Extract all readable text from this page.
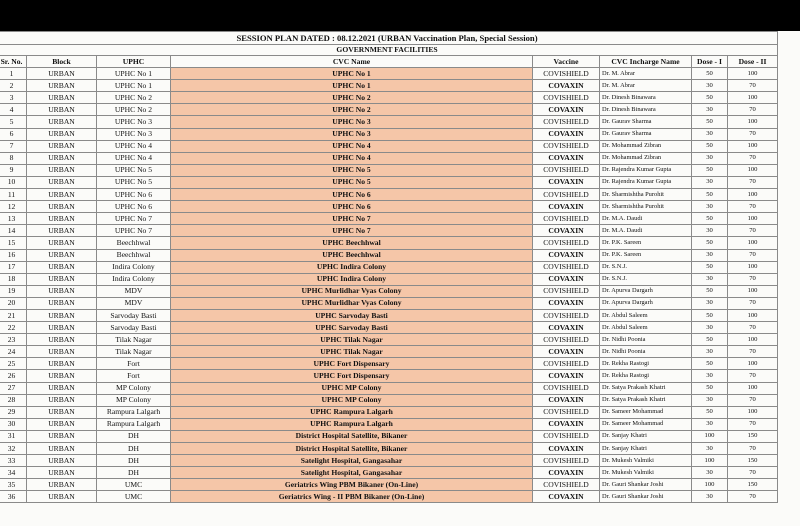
SESSION PLAN DATED : 08.12.2021 (URBAN Vaccination Plan, Special Session)							
GOVERNMENT FACILITIES							
Sr. No.	Block	UPHC	CVC Name	Vaccine	CVC Incharge Name	Dose - I	Dose - II
1	URBAN	UPHC No 1	UPHC No 1	COVISHIELD	Dr. M. Abrar	50	100
2	URBAN	UPHC No 1	UPHC No 1	COVAXIN	Dr. M. Abrar	30	70
3	URBAN	UPHC No 2	UPHC No 2	COVISHIELD	Dr. Dinesh Binawara	50	100
4	URBAN	UPHC No 2	UPHC No 2	COVAXIN	Dr. Dinesh Binawara	30	70
5	URBAN	UPHC No 3	UPHC No 3	COVISHIELD	Dr. Gaurav Sharma	50	100
6	URBAN	UPHC No 3	UPHC No 3	COVAXIN	Dr. Gaurav Sharma	30	70
7	URBAN	UPHC No 4	UPHC No 4	COVISHIELD	Dr. Mohammad Zibran	50	100
8	URBAN	UPHC No 4	UPHC No 4	COVAXIN	Dr. Mohammad Zibran	30	70
9	URBAN	UPHC No 5	UPHC No 5	COVISHIELD	Dr. Rajendra Kumar Gupta	50	100
10	URBAN	UPHC No 5	UPHC No 5	COVAXIN	Dr. Rajendra Kumar Gupta	30	70
11	URBAN	UPHC No 6	UPHC No 6	COVISHIELD	Dr. Sharmishtha Purohit	50	100
12	URBAN	UPHC No 6	UPHC No 6	COVAXIN	Dr. Sharmishtha Purohit	30	70
13	URBAN	UPHC No 7	UPHC No 7	COVISHIELD	Dr. M.A. Daudi	50	100
14	URBAN	UPHC No 7	UPHC No 7	COVAXIN	Dr. M.A. Daudi	30	70
15	URBAN	Beechhwal	UPHC Beechhwal	COVISHIELD	Dr. P.K. Sareen	50	100
16	URBAN	Beechhwal	UPHC Beechhwal	COVAXIN	Dr. P.K. Sareen	30	70
17	URBAN	Indira Colony	UPHC Indira Colony	COVISHIELD	Dr. S.N.J.	50	100
18	URBAN	Indira Colony	UPHC Indira Colony	COVAXIN	Dr. S.N.J.	30	70
19	URBAN	MDV	UPHC Murlidhar Vyas Colony	COVISHIELD	Dr. Apurva Dargarh	50	100
20	URBAN	MDV	UPHC Murlidhar Vyas Colony	COVAXIN	Dr. Apurva Dargarh	30	70
21	URBAN	Sarvoday Basti	UPHC Sarvoday Basti	COVISHIELD	Dr. Abdul Saleem	50	100
22	URBAN	Sarvoday Basti	UPHC Sarvoday Basti	COVAXIN	Dr. Abdul Saleem	30	70
23	URBAN	Tilak Nagar	UPHC Tilak Nagar	COVISHIELD	Dr. Nidhi Poonia	50	100
24	URBAN	Tilak Nagar	UPHC Tilak Nagar	COVAXIN	Dr. Nidhi Poonia	30	70
25	URBAN	Fort	UPHC Fort Dispensary	COVISHIELD	Dr. Rekha Rastogi	50	100
26	URBAN	Fort	UPHC Fort Dispensary	COVAXIN	Dr. Rekha Rastogi	30	70
27	URBAN	MP Colony	UPHC MP Colony	COVISHIELD	Dr. Satya Prakash Khatri	50	100
28	URBAN	MP Colony	UPHC MP Colony	COVAXIN	Dr. Satya Prakash Khatri	30	70
29	URBAN	Rampura Lalgarh	UPHC Rampura Lalgarh	COVISHIELD	Dr. Sameer Mohammad	50	100
30	URBAN	Rampura Lalgarh	UPHC Rampura Lalgarh	COVAXIN	Dr. Sameer Mohammad	30	70
31	URBAN	DH	District Hospital Satellite, Bikaner	COVISHIELD	Dr. Sanjay Khatri	100	150
32	URBAN	DH	District Hospital Satellite, Bikaner	COVAXIN	Dr. Sanjay Khatri	30	70
33	URBAN	DH	Satelight Hospital, Gangasahar	COVISHIELD	Dr. Mukesh Valmiki	100	150
34	URBAN	DH	Satelight Hospital, Gangasahar	COVAXIN	Dr. Mukesh Valmiki	30	70
35	URBAN	UMC	Geriatrics Wing PBM Bikaner (On-Line)	COVISHIELD	Dr. Gauri Shankar Joshi	100	150
36	URBAN	UMC	Geriatrics Wing - II PBM Bikaner (On-Line)	COVAXIN	Dr. Gauri Shankar Joshi	30	70
